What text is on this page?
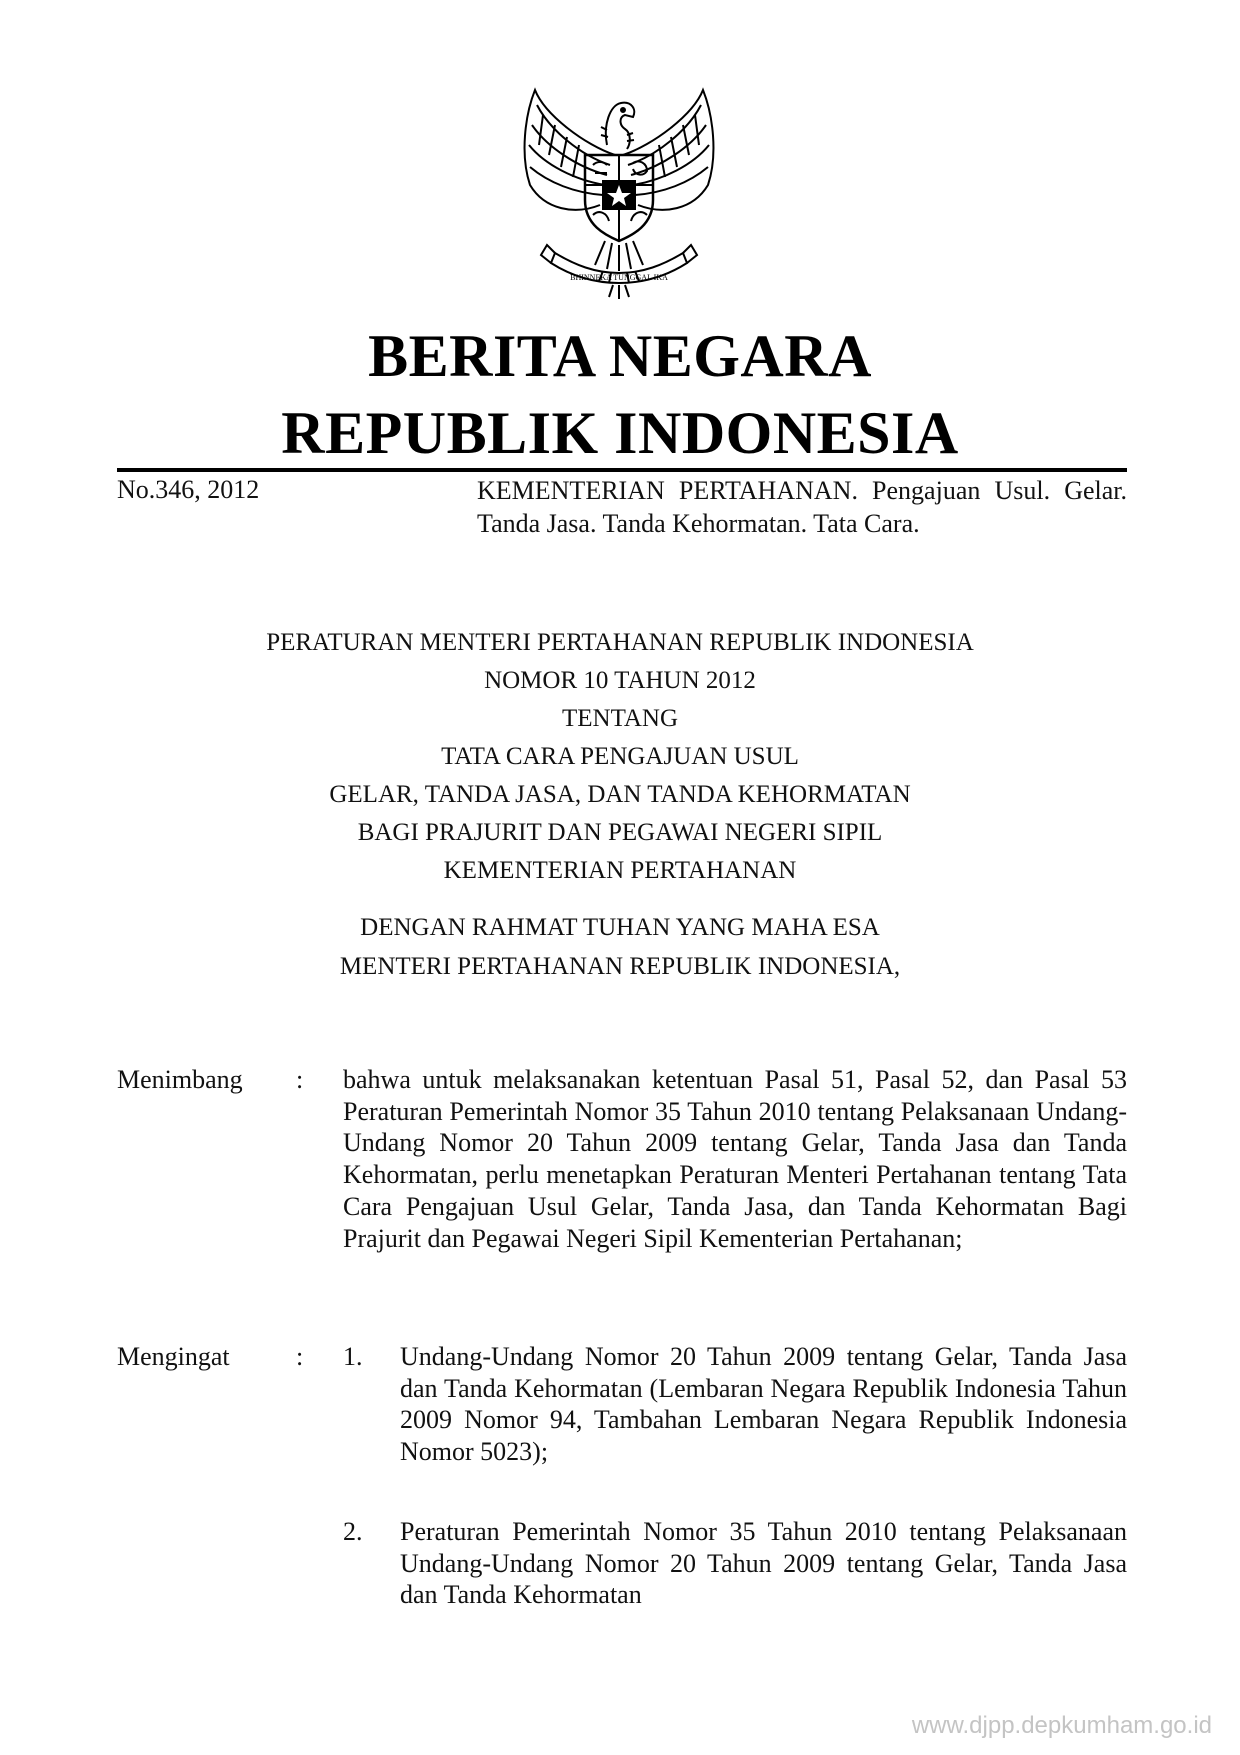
BHINNEKA TUNGGAL IKA
BERITA NEGARA
REPUBLIK INDONESIA
No.346, 2012	KEMENTERIAN PERTAHANAN. Pengajuan Usul. Gelar. Tanda Jasa. Tanda Kehormatan. Tata Cara.
PERATURAN MENTERI PERTAHANAN REPUBLIK INDONESIA
NOMOR 10 TAHUN 2012
TENTANG
TATA CARA PENGAJUAN USUL
GELAR, TANDA JASA, DAN TANDA KEHORMATAN
BAGI PRAJURIT DAN PEGAWAI NEGERI SIPIL
KEMENTERIAN PERTAHANAN
DENGAN RAHMAT TUHAN YANG MAHA ESA
MENTERI PERTAHANAN REPUBLIK INDONESIA,
Menimbang : bahwa untuk melaksanakan ketentuan Pasal 51, Pasal 52, dan Pasal 53 Peraturan Pemerintah Nomor 35 Tahun 2010 tentang Pelaksanaan Undang-Undang Nomor 20 Tahun 2009 tentang Gelar, Tanda Jasa dan Tanda Kehormatan, perlu menetapkan Peraturan Menteri Pertahanan tentang Tata Cara Pengajuan Usul Gelar, Tanda Jasa, dan Tanda Kehormatan Bagi Prajurit dan Pegawai Negeri Sipil Kementerian Pertahanan;
Mengingat	: 1. Undang-Undang Nomor 20 Tahun 2009 tentang Gelar, Tanda Jasa dan Tanda Kehormatan (Lembaran Negara Republik Indonesia Tahun 2009 Nomor 94, Tambahan Lembaran Negara Republik Indonesia Nomor 5023);
2. Peraturan Pemerintah Nomor 35 Tahun 2010 tentang Pelaksanaan Undang-Undang Nomor 20 Tahun 2009 tentang Gelar, Tanda Jasa dan Tanda Kehormatan
www.djpp.depkumham.go.id
